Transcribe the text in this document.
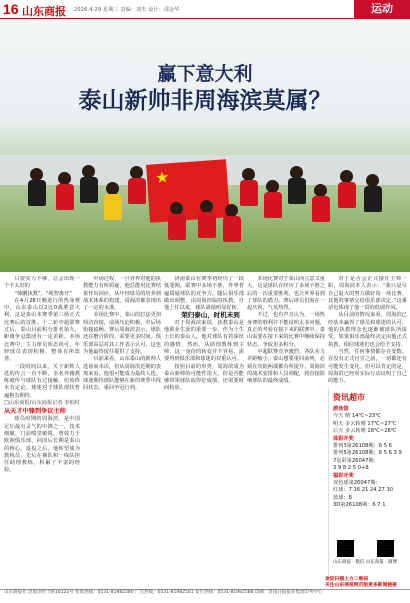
16 山东商报 2026.4.29 星期三 责编：刘杰 设计：邵金华	运动
★
赢下意大利
泰山新帅非周海滨莫属？

只要实力不够，总会出现一个不太好的

“韩鹏执教”，“现智离开”

在4月28日晚进行的热身赛中，山东泰山以2比0战胜意大利，这是泰山本赛季第三场正式比赛后的首胜。十二轮中超联赛过后，泰山目前积分排名第九，距离争冠集团有一定差距。本场比赛中，主力球员状态尚可，年轻球员表现积极，整体有所改善。

一段时间以来，关于新帅人选的传言一直不断，多名外籍教练被传与球队有过接触，但始终未有定论。球迷对于球队现状普遍抱有期待。

□山东商报/山东商报记者 李柏村

从天才中锋到争议主帅

球员时期的周海滨，是中国足坛最有灵气的中锋之一，技术细腻、门前嗅觉敏锐，曾效力于欧洲俱乐部，回国后长期是泰山的核心。退役之后，他转型成为教练员，先后在梯队和一线队担任助理教练，积累了丰富的经验。

中场过程，一旦外界对他的执教能力有所质疑，他总能用比赛结果作出回应。从年轻球员的培养到战术体系的构建，周海滨都表现出了一定的水准。

本场比赛中，泰山的打法更加简洁直接，前场压迫积极，中后场衔接流畅。赛后周海滨表示，球队还在磨合阶段，需要更多时间。俱乐部高层对其工作表示认可，这也为他最终留任提供了支持。

目前来看，山东泰山的新帅人选悬而未决，但从周海滨近期的表现来看，他很可能成为最终人选。球迷期待球队能够在新的赛季中找回状态，重回争冠行列。

济南泰山在赛季初经历了一段低迷期，联赛中多场不胜，外界普遍质疑球队的竞争力。随后俱乐部做出调整，由周海滨临时执教。自他上任以来，球队战绩明显好转。

荣归泰山，时机未到

对于周海滨来说，执教泰山是他职业生涯的重要一步。作为土生土长的泰山人，他对球队有着深厚的感情。然而，从助理教练到主帅，这一身份的转变并不容易，需要得到俱乐部和球迷的双重认可。

按照目前的形势，周海滨成为泰山新帅的可能性很大，但是否能够带领球队取得好成绩，还需要时间检验。

本场比赛对于泰山而言意义重大，这是球队在经历了多场不胜之后的一次重要胜利，也让外界看到了球队的潜力。赛后球员们围在一起庆祝，气氛热烈。

不过，也有声音认为，一场热身赛的胜利并不能说明太多问题，真正的考验在接下来的联赛中。泰山需要在接下来的比赛中继续保持状态，争取更多积分。

中超联赛竞争激烈，各队实力差距缩小，泰山想要重回前列，必须在攻防两端都有所提升。周海滨的战术安排和人员调配，将直接影响球队的最终成绩。

对于是否会正式接任主帅一职，周海滨本人表示：“我只是尽自己最大的努力做好每一场比赛，其他的事情交给俱乐部决定。”这番话也体现了他一贯的低调作风。

从目前的情况来看，周海滨已经基本赢得了球员和球迷的认可，他的执教理念也逐渐被球队所接受。如果俱乐部最终决定由他正式执教，相信球迷们也会给予支持。

当然，任何事情都存在变数。在没有正式官宣之前，一切都还有可能发生变化。但可以肯定的是，周海滨已经用实际行动证明了自己的能力。

资讯超市
游泳馆
今天 晴 14℃~23℃
明天 多云转晴 17℃~27℃
后天 多云转晴 18℃~28℃
体彩开奖
排列3第26108期：6 5 6
排列5第26108期：6 5 6 3 9
7星彩第26047期：
3 9 8 2 5 0+8
福彩开奖
双色球第26047期：
红球：7 16 21 24 27 30
蓝球：8
3D第26108期：6 7 1
山东商报 · 微信 山东商报 · 微博
欢迎扫描上方二维码
关注山东商报网页版更多新闻链接
山东商报社 济南市经十路16122号 投诉热线：0531-81982580 广告热线：0531-81982501 发行热线：0531-81982588 印刷：济南日报报业集团印务中心
